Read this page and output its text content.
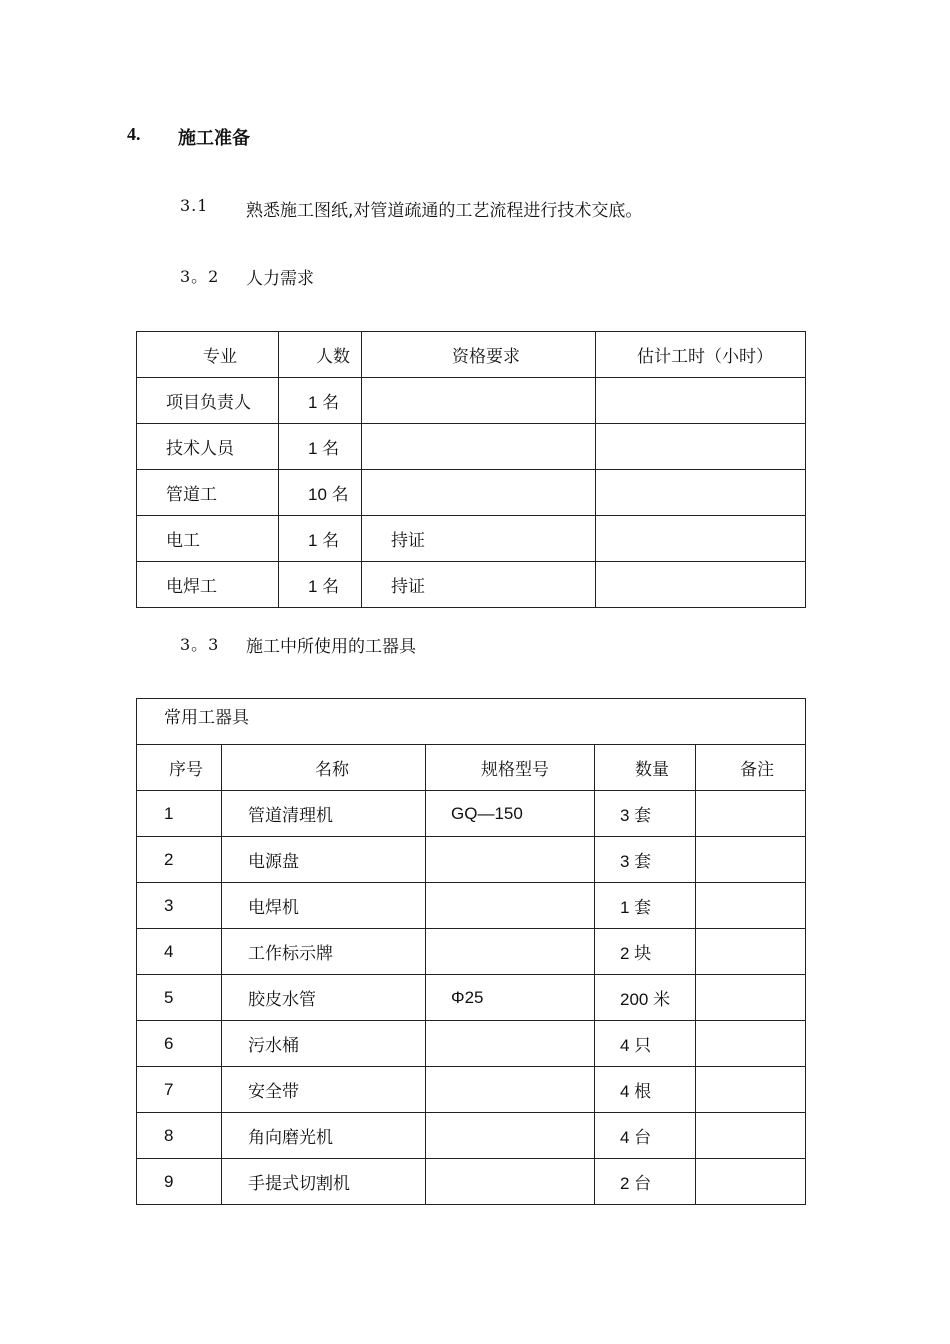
4. 施工准备
3.1 熟悉施工图纸,对管道疏通的工艺流程进行技术交底。
3。2 人力需求
专业	人数	资格要求	估计工时（小时）
项目负责人	1 名		
技术人员	1 名		
管道工	10 名		
电工	1 名	持证	
电焊工	1 名	持证	
3。3 施工中所使用的工器具
常用工器具				
序号	名称	规格型号	数量	备注
1	管道清理机	GQ—150	3 套	
2	电源盘		3 套	
3	电焊机		1 套	
4	工作标示牌		2 块	
5	胶皮水管	Φ25	200 米	
6	污水桶		4 只	
7	安全带		4 根	
8	角向磨光机		4 台	
9	手提式切割机		2 台	
